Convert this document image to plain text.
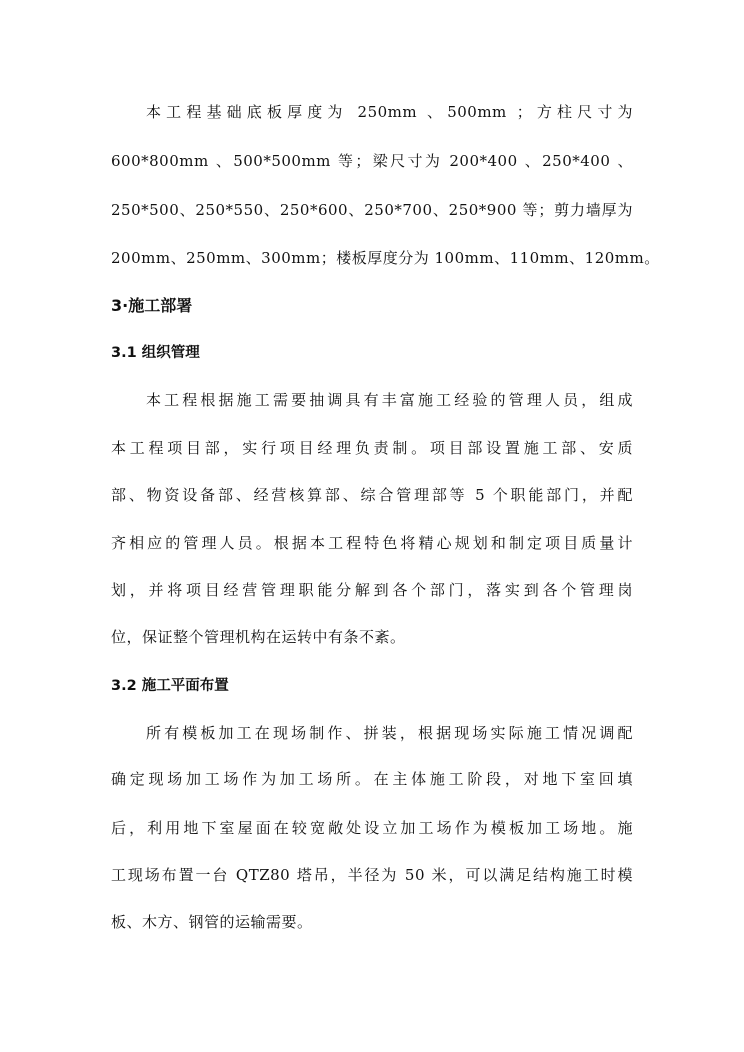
本工程基础底板厚度为 250mm 、500mm ；方柱尺寸为
600*800mm 、500*500mm 等；梁尺寸为 200*400 、250*400 、
250*500、250*550、250*600、250*700、250*900 等；剪力墙厚为
200mm、250mm、300mm；楼板厚度分为 100mm、110mm、120mm。
3·施工部署
3.1 组织管理
本工程根据施工需要抽调具有丰富施工经验的管理人员，组成
本工程项目部，实行项目经理负责制。项目部设置施工部、安质
部、物资设备部、经营核算部、综合管理部等 5 个职能部门，并配
齐相应的管理人员。根据本工程特色将精心规划和制定项目质量计
划，并将项目经营管理职能分解到各个部门，落实到各个管理岗
位，保证整个管理机构在运转中有条不紊。
3.2 施工平面布置
所有模板加工在现场制作、拼装，根据现场实际施工情况调配
确定现场加工场作为加工场所。在主体施工阶段，对地下室回填
后，利用地下室屋面在较宽敞处设立加工场作为模板加工场地。施
工现场布置一台 QTZ80 塔吊，半径为 50 米，可以满足结构施工时模
板、木方、钢管的运输需要。
